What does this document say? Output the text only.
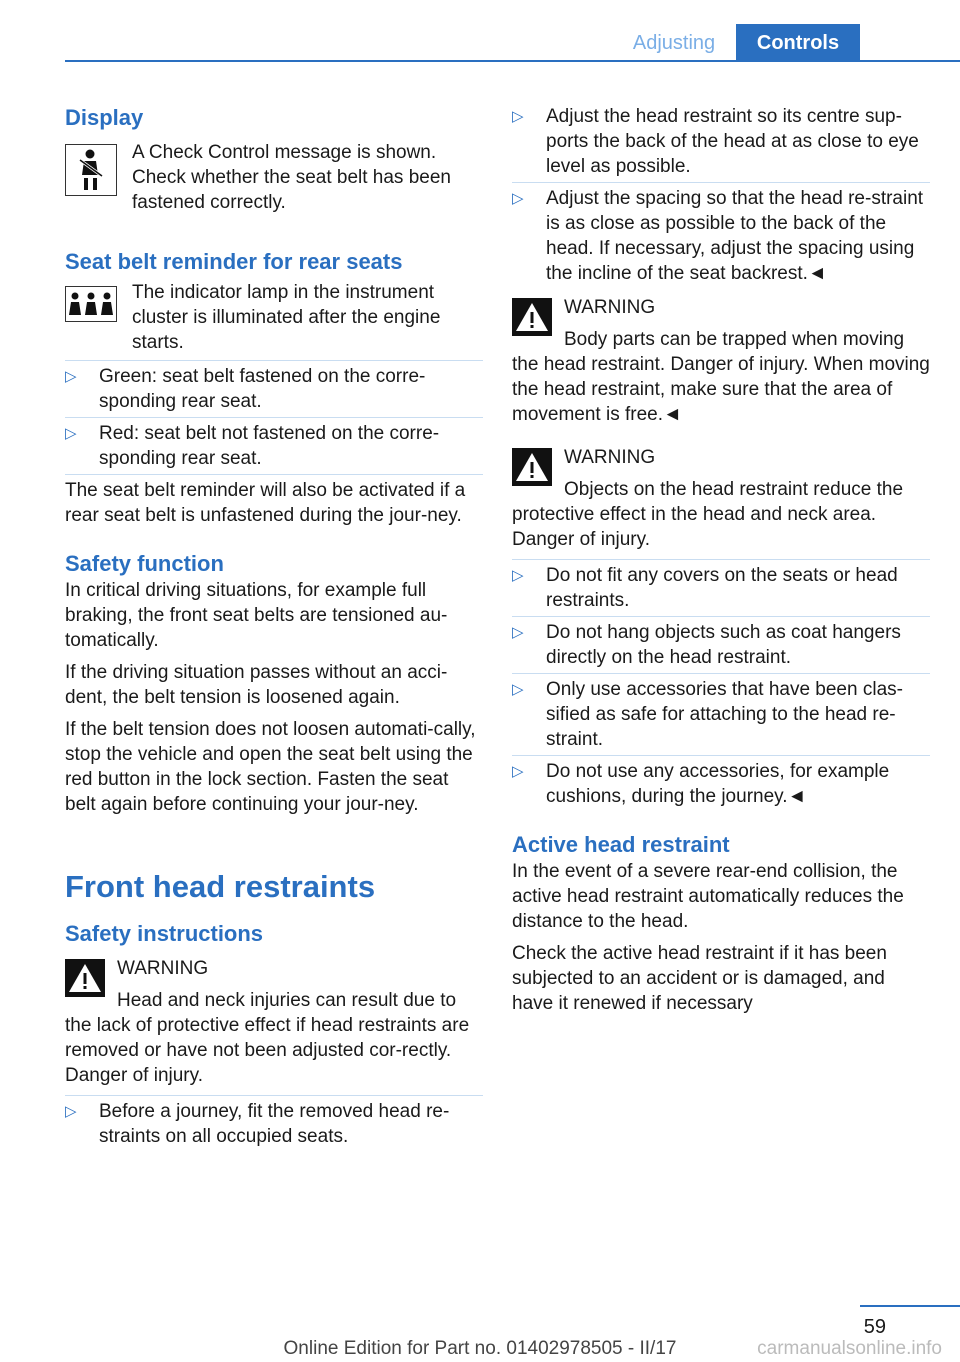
Adjusting	Controls
Display

A Check Control message is shown. Check whether the seat belt has been fastened correctly.

Seat belt reminder for rear seats

The indicator lamp in the instrument cluster is illuminated after the engine starts.

▷ Green: seat belt fastened on the corre‐sponding rear seat.
▷ Red: seat belt not fastened on the corre‐sponding rear seat.

The seat belt reminder will also be activated if a rear seat belt is unfastened during the jour‐ney.

Safety function

In critical driving situations, for example full braking, the front seat belts are tensioned au‐tomatically.

If the driving situation passes without an acci‐dent, the belt tension is loosened again.

If the belt tension does not loosen automati‐cally, stop the vehicle and open the seat belt using the red button in the lock section. Fasten the seat belt again before continuing your jour‐ney.

Front head restraints
Safety instructions
WARNING
Head and neck injuries can result due to the lack of protective effect if head restraints are removed or have not been adjusted cor‐rectly. Danger of injury.
▷ Before a journey, fit the removed head re‐straints on all occupied seats.
▷ Adjust the head restraint so its centre sup‐ports the back of the head at as close to eye level as possible.
▷ Adjust the spacing so that the head re‐straint is as close as possible to the back of the head. If necessary, adjust the spacing using the incline of the seat backrest.◄
WARNING
Body parts can be trapped when moving the head restraint. Danger of injury. When moving the head restraint, make sure that the area of movement is free.◄
WARNING
Objects on the head restraint reduce the protective effect in the head and neck area. Danger of injury.
▷ Do not fit any covers on the seats or head restraints.
▷ Do not hang objects such as coat hangers directly on the head restraint.
▷ Only use accessories that have been clas‐sified as safe for attaching to the head re‐straint.
▷ Do not use any accessories, for example cushions, during the journey.◄
Active head restraint

In the event of a severe rear-end collision, the active head restraint automatically reduces the distance to the head.

Check the active head restraint if it has been subjected to an accident or is damaged, and have it renewed if necessary

59
Online Edition for Part no. 01402978505 - II/17	carmanualsonline.info
